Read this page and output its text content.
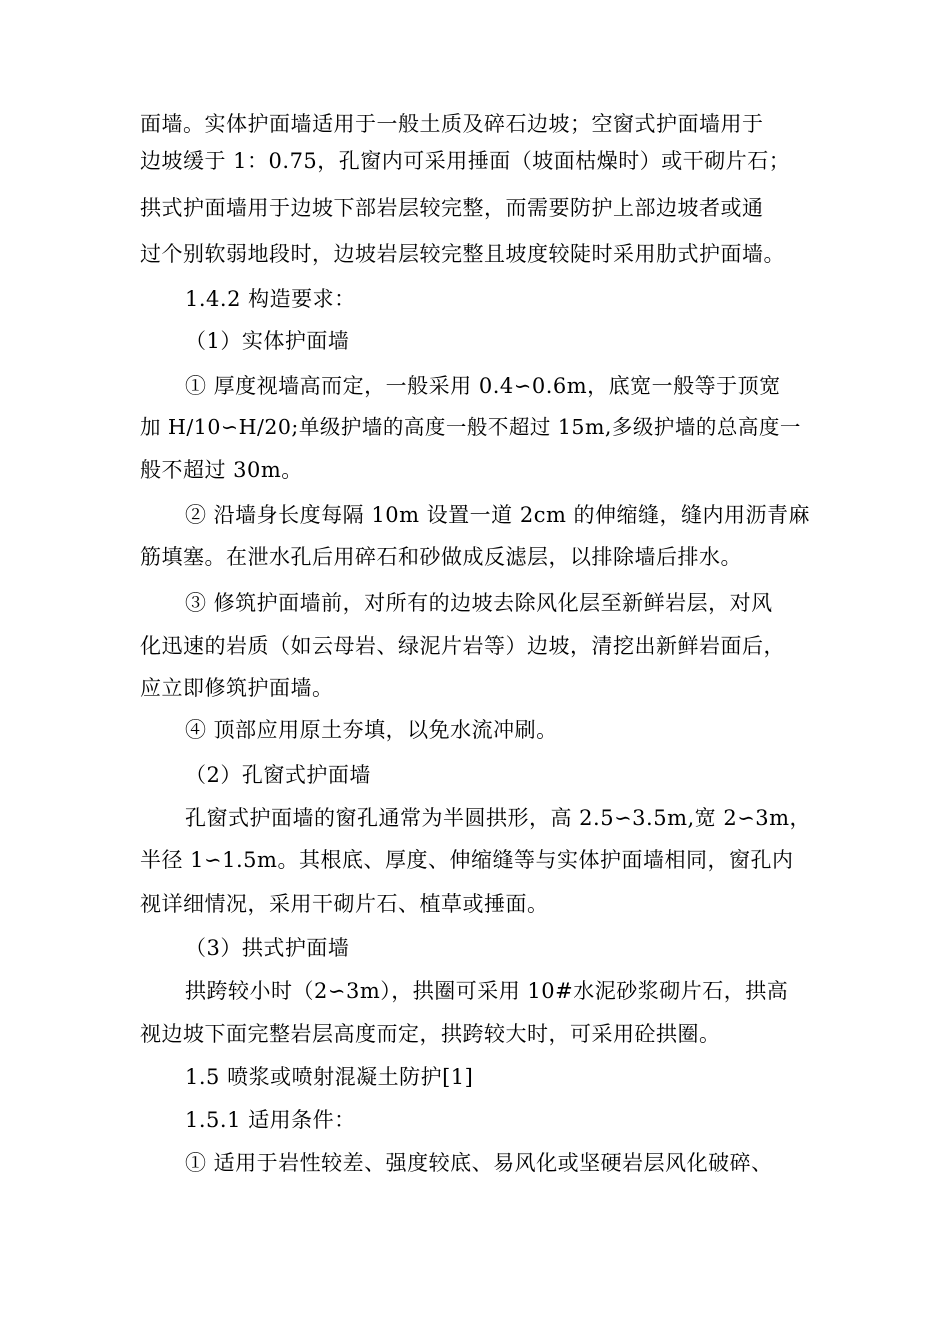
面墙。实体护面墙适用于一般土质及碎石边坡；空窗式护面墙用于
边坡缓于 1：0.75，孔窗内可采用捶面（坡面枯燥时）或干砌片石；
拱式护面墙用于边坡下部岩层较完整，而需要防护上部边坡者或通
过个别软弱地段时，边坡岩层较完整且坡度较陡时采用肋式护面墙。
1.4.2 构造要求：
（1）实体护面墙
① 厚度视墙高而定，一般采用 0.4∽0.6m，底宽一般等于顶宽
加 H/10∽H/20;单级护墙的高度一般不超过 15m,多级护墙的总高度一
般不超过 30m。
② 沿墙身长度每隔 10m 设置一道 2cm 的伸缩缝，缝内用沥青麻
筋填塞。在泄水孔后用碎石和砂做成反滤层，以排除墙后排水。
③ 修筑护面墙前，对所有的边坡去除风化层至新鲜岩层，对风
化迅速的岩质（如云母岩、绿泥片岩等）边坡，清挖出新鲜岩面后，
应立即修筑护面墙。
④ 顶部应用原土夯填，以免水流冲刷。
（2）孔窗式护面墙
孔窗式护面墙的窗孔通常为半圆拱形，高 2.5∽3.5m,宽 2∽3m，
半径 1∽1.5m。其根底、厚度、伸缩缝等与实体护面墙相同，窗孔内
视详细情况，采用干砌片石、植草或捶面。
（3）拱式护面墙
拱跨较小时（2∽3m），拱圈可采用 10#水泥砂浆砌片石，拱高
视边坡下面完整岩层高度而定，拱跨较大时，可采用砼拱圈。
1.5 喷浆或喷射混凝土防护[1]
1.5.1 适用条件：
① 适用于岩性较差、强度较底、易风化或坚硬岩层风化破碎、
